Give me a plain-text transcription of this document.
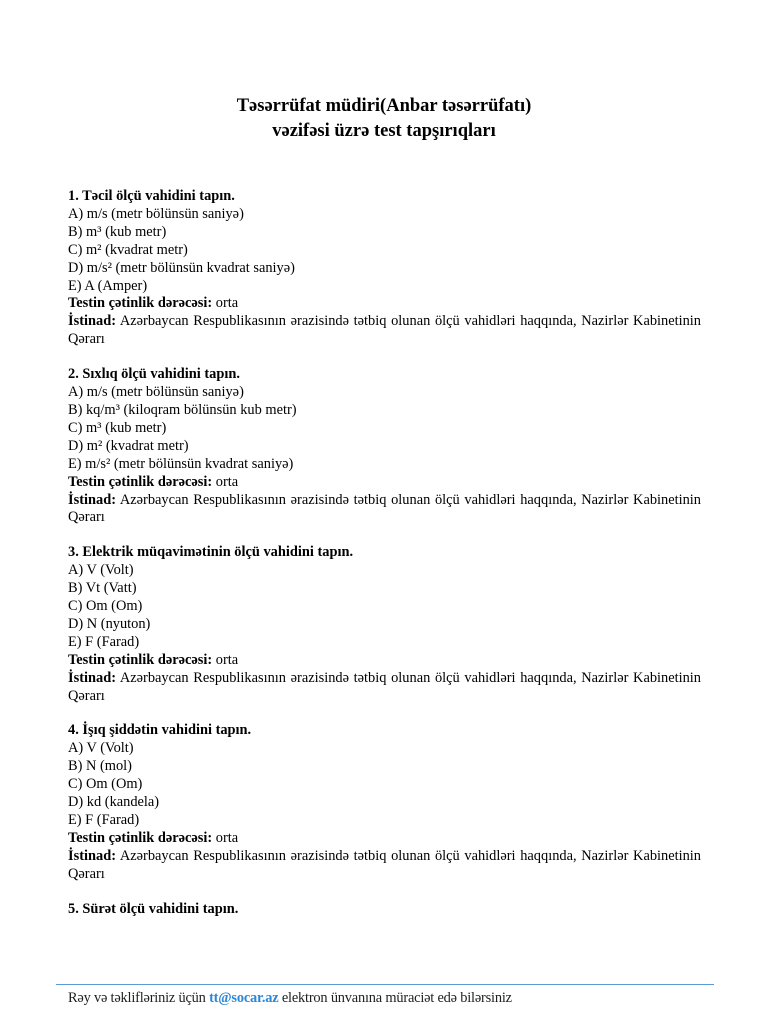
Təsərrüfat müdiri(Anbar təsərrüfatı)
vəzifəsi üzrə test tapşırıqları
1. Təcil ölçü vahidini tapın.
A) m/s (metr bölünsün saniyə)
B) m³ (kub metr)
C) m² (kvadrat metr)
D) m/s² (metr bölünsün kvadrat saniyə)
E) A (Amper)
Testin çətinlik dərəcəsi: orta
İstinad: Azərbaycan Respublikasının ərazisində tətbiq olunan ölçü vahidləri haqqında, Nazirlər Kabinetinin Qərarı
2. Sıxlıq ölçü vahidini tapın.
A) m/s (metr bölünsün saniyə)
B) kq/m³ (kiloqram bölünsün kub metr)
C) m³ (kub metr)
D) m² (kvadrat metr)
E) m/s² (metr bölünsün kvadrat saniyə)
Testin çətinlik dərəcəsi: orta
İstinad: Azərbaycan Respublikasının ərazisində tətbiq olunan ölçü vahidləri haqqında, Nazirlər Kabinetinin Qərarı
3. Elektrik müqavimətinin ölçü vahidini tapın.
A) V (Volt)
B) Vt (Vatt)
C) Om (Om)
D) N (nyuton)
E) F (Farad)
Testin çətinlik dərəcəsi: orta
İstinad: Azərbaycan Respublikasının ərazisində tətbiq olunan ölçü vahidləri haqqında, Nazirlər Kabinetinin Qərarı
4. İşıq şiddətin vahidini tapın.
A) V (Volt)
B) N (mol)
C) Om (Om)
D) kd (kandela)
E) F (Farad)
Testin çətinlik dərəcəsi: orta
İstinad: Azərbaycan Respublikasının ərazisində tətbiq olunan ölçü vahidləri haqqında, Nazirlər Kabinetinin Qərarı
5. Sürət ölçü vahidini tapın.
Rəy və təklifləriniz üçün tt@socar.az elektron ünvanına müraciət edə bilərsiniz
